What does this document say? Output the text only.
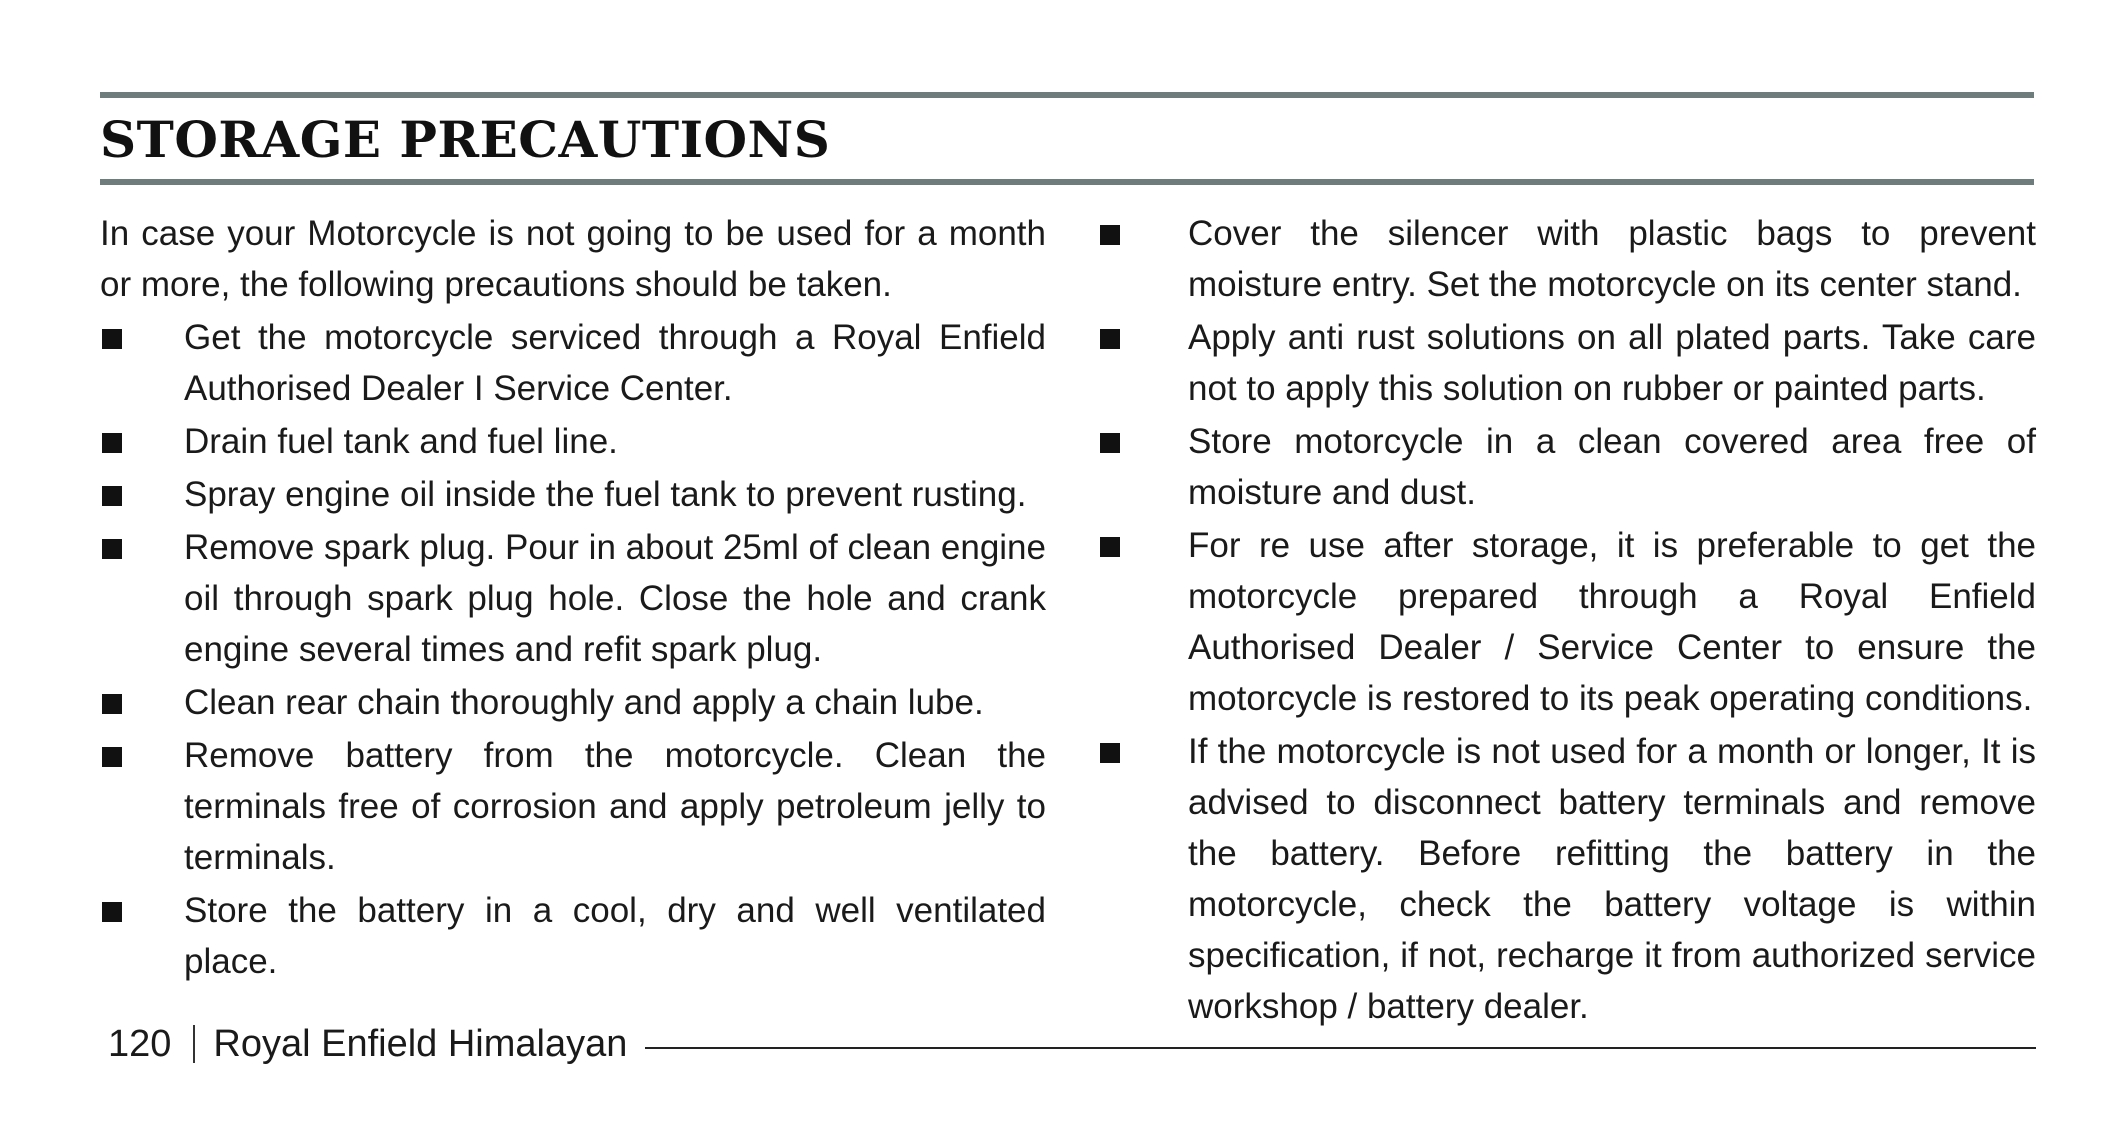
STORAGE PRECAUTIONS

In case your Motorcycle is not going to be used for a month or more, the following precautions should be taken.

Get the motorcycle serviced through a Royal Enfield Authorised Dealer I Service Center.
Drain fuel tank and fuel line.
Spray engine oil inside the fuel tank to prevent rusting.
Remove spark plug. Pour in about 25ml of clean engine oil through spark plug hole. Close the hole and crank engine several times and refit spark plug.
Clean rear chain thoroughly and apply a chain lube.
Remove battery from the motorcycle. Clean the terminals free of corrosion and apply petroleum jelly to terminals.
Store the battery in a cool, dry and well ventilated place.
Cover the silencer with plastic bags to prevent moisture entry. Set the motorcycle on its center stand.
Apply anti rust solutions on all plated parts. Take care not to apply this solution on rubber or painted parts.
Store motorcycle in a clean covered area free of moisture and dust.
For re use after storage, it is preferable to get the motorcycle prepared through a Royal Enfield Authorised Dealer / Service Center to ensure the motorcycle is restored to its peak operating conditions.
If the motorcycle is not used for a month or longer, It is advised to disconnect battery terminals and remove the battery. Before refitting the battery in the motorcycle, check the battery voltage is within specification, if not, recharge it from authorized service workshop / battery dealer.
120 Royal Enfield Himalayan
